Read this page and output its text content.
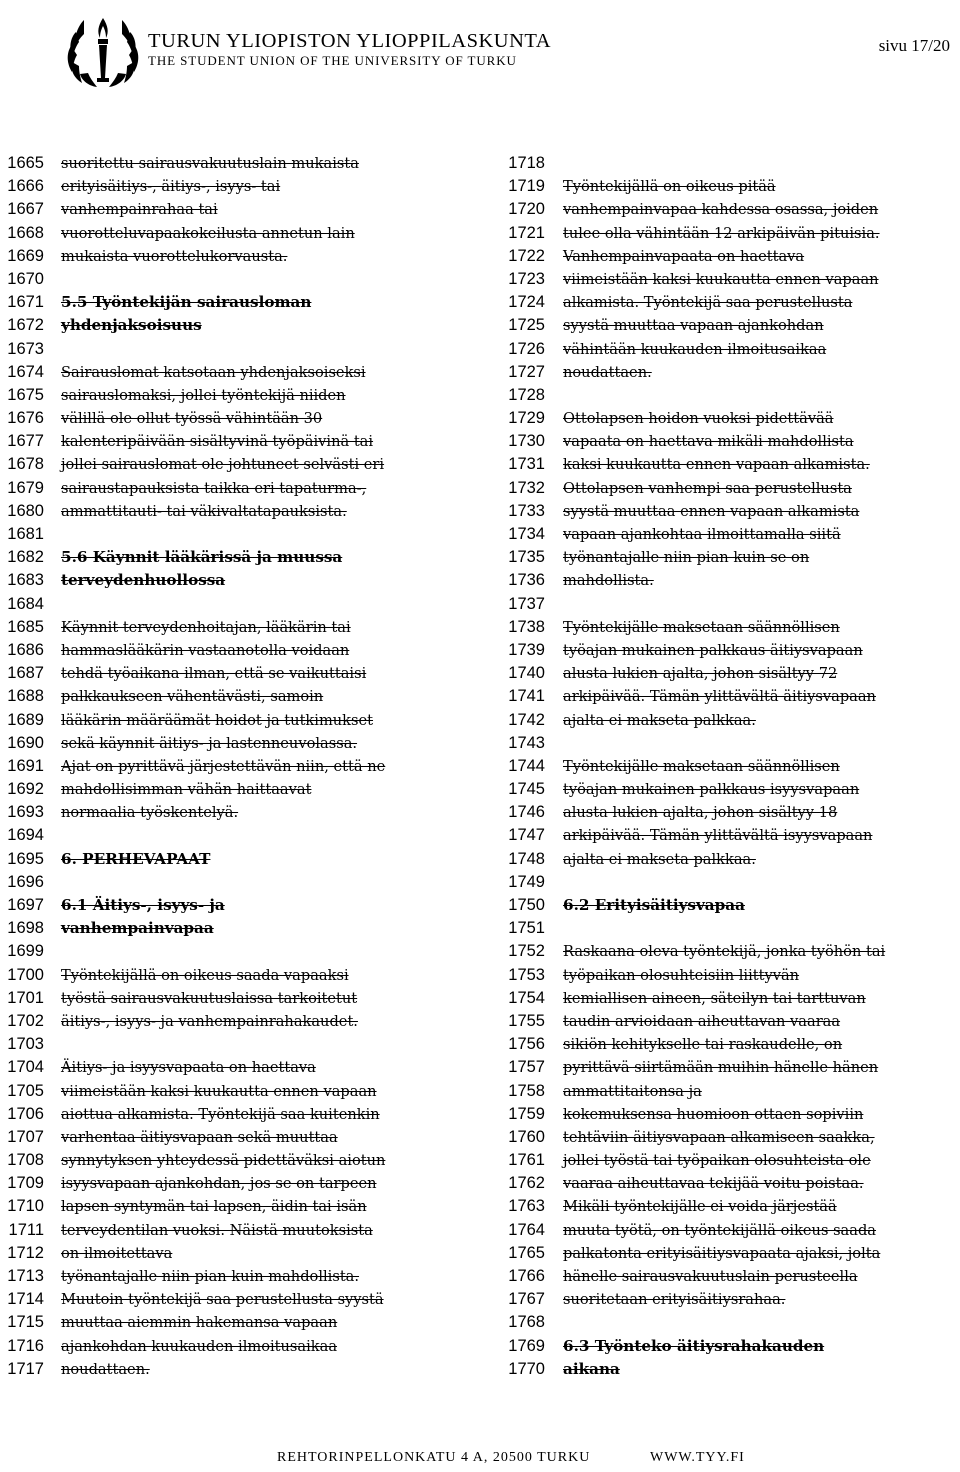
TURUN YLIOPISTON YLIOPPILASKUNTA
THE STUDENT UNION OF THE UNIVERSITY OF TURKU
sivu 17/20
1665
1666
1667
1668
1669
1670
1671
1672
1673
1674
1675
1676
1677
1678
1679
1680
1681
1682
1683
1684
1685
1686
1687
1688
1689
1690
1691
1692
1693
1694
1695
1696
1697
1698
1699
1700
1701
1702
1703
1704
1705
1706
1707
1708
1709
1710
1711
1712
1713
1714
1715
1716
1717
suoritettu sairausvakuutuslain mukaista
erityisäitiys-, äitiys-, isyys- tai
vanhempainrahaa tai
vuorotteluvapaakokeilusta annetun lain
mukaista vuorottelukorvausta.
5.5 Työntekijän sairausloman
yhdenjaksoisuus
Sairauslomat katsotaan yhdenjaksoiseksi
sairauslomaksi, jollei työntekijä niiden
välillä ole ollut työssä vähintään 30
kalenteripäivään sisältyvinä työpäivinä tai
jollei sairauslomat ole johtuneet selvästi eri
sairaustapauksista taikka eri tapaturma-,
ammattitauti- tai väkivaltatapauksista.
5.6 Käynnit lääkärissä ja muussa
terveydenhuollossa
Käynnit terveydenhoitajan, lääkärin tai
hammaslääkärin vastaanotolla voidaan
tehdä työaikana ilman, että se vaikuttaisi
palkkaukseen vähentävästi, samoin
lääkärin määräämät hoidot ja tutkimukset
sekä käynnit äitiys- ja lastenneuvolassa.
Ajat on pyrittävä järjestettävän niin, että ne
mahdollisimman vähän haittaavat
normaalia työskentelyä.
6. PERHEVAPAAT
6.1 Äitiys-, isyys- ja
vanhempainvapaa
Työntekijällä on oikeus saada vapaaksi
työstä sairausvakuutuslaissa tarkoitetut
äitiys-, isyys- ja vanhempainrahakaudet.
Äitiys- ja isyysvapaata on haettava
viimeistään kaksi kuukautta ennen vapaan
aiottua alkamista. Työntekijä saa kuitenkin
varhentaa äitiysvapaan sekä muuttaa
synnytyksen yhteydessä pidettäväksi aiotun
isyysvapaan ajankohdan, jos se on tarpeen
lapsen syntymän tai lapsen, äidin tai isän
terveydentilan vuoksi. Näistä muutoksista
on ilmoitettava
työnantajalle niin pian kuin mahdollista.
Muutoin työntekijä saa perustellusta syystä
muuttaa aiemmin hakemansa vapaan
ajankohdan kuukauden ilmoitusaikaa
noudattaen.
1718
1719
1720
1721
1722
1723
1724
1725
1726
1727
1728
1729
1730
1731
1732
1733
1734
1735
1736
1737
1738
1739
1740
1741
1742
1743
1744
1745
1746
1747
1748
1749
1750
1751
1752
1753
1754
1755
1756
1757
1758
1759
1760
1761
1762
1763
1764
1765
1766
1767
1768
1769
1770
Työntekijällä on oikeus pitää
vanhempainvapaa kahdessa osassa, joiden
tulee olla vähintään 12 arkipäivän pituisia.
Vanhempainvapaata on haettava
viimeistään kaksi kuukautta ennen vapaan
alkamista. Työntekijä saa perustellusta
syystä muuttaa vapaan ajankohdan
vähintään kuukauden ilmoitusaikaa
noudattaen.
Ottolapsen hoidon vuoksi pidettävää
vapaata on haettava mikäli mahdollista
kaksi kuukautta ennen vapaan alkamista.
Ottolapsen vanhempi saa perustellusta
syystä muuttaa ennen vapaan alkamista
vapaan ajankohtaa ilmoittamalla siitä
työnantajalle niin pian kuin se on
mahdollista.
Työntekijälle maksetaan säännöllisen
työajan mukainen palkkaus äitiysvapaan
alusta lukien ajalta, johon sisältyy 72
arkipäivää. Tämän ylittävältä äitiysvapaan
ajalta ei makseta palkkaa.
Työntekijälle maksetaan säännöllisen
työajan mukainen palkkaus isyysvapaan
alusta lukien ajalta, johon sisältyy 18
arkipäivää. Tämän ylittävältä isyysvapaan
ajalta ei makseta palkkaa.
6.2 Erityisäitiysvapaa
Raskaana oleva työntekijä, jonka työhön tai
työpaikan olosuhteisiin liittyvän
kemiallisen aineen, säteilyn tai tarttuvan
taudin arvioidaan aiheuttavan vaaraa
sikiön kehitykselle tai raskaudelle, on
pyrittävä siirtämään muihin hänelle hänen
ammattitaitonsa ja
kokemuksensa huomioon ottaen sopiviin
tehtäviin äitiysvapaan alkamiseen saakka,
jollei työstä tai työpaikan olosuhteista ole
vaaraa aiheuttavaa tekijää voitu poistaa.
Mikäli työntekijälle ei voida järjestää
muuta työtä, on työntekijällä oikeus saada
palkatonta erityisäitiysvapaata ajaksi, jolta
hänelle sairausvakuutuslain perusteella
suoritetaan erityisäitiysrahaa.
6.3 Työnteko äitiysrahakauden
aikana
REHTORINPELLONKATU 4 A, 20500 TURKU	WWW.TYY.FI
